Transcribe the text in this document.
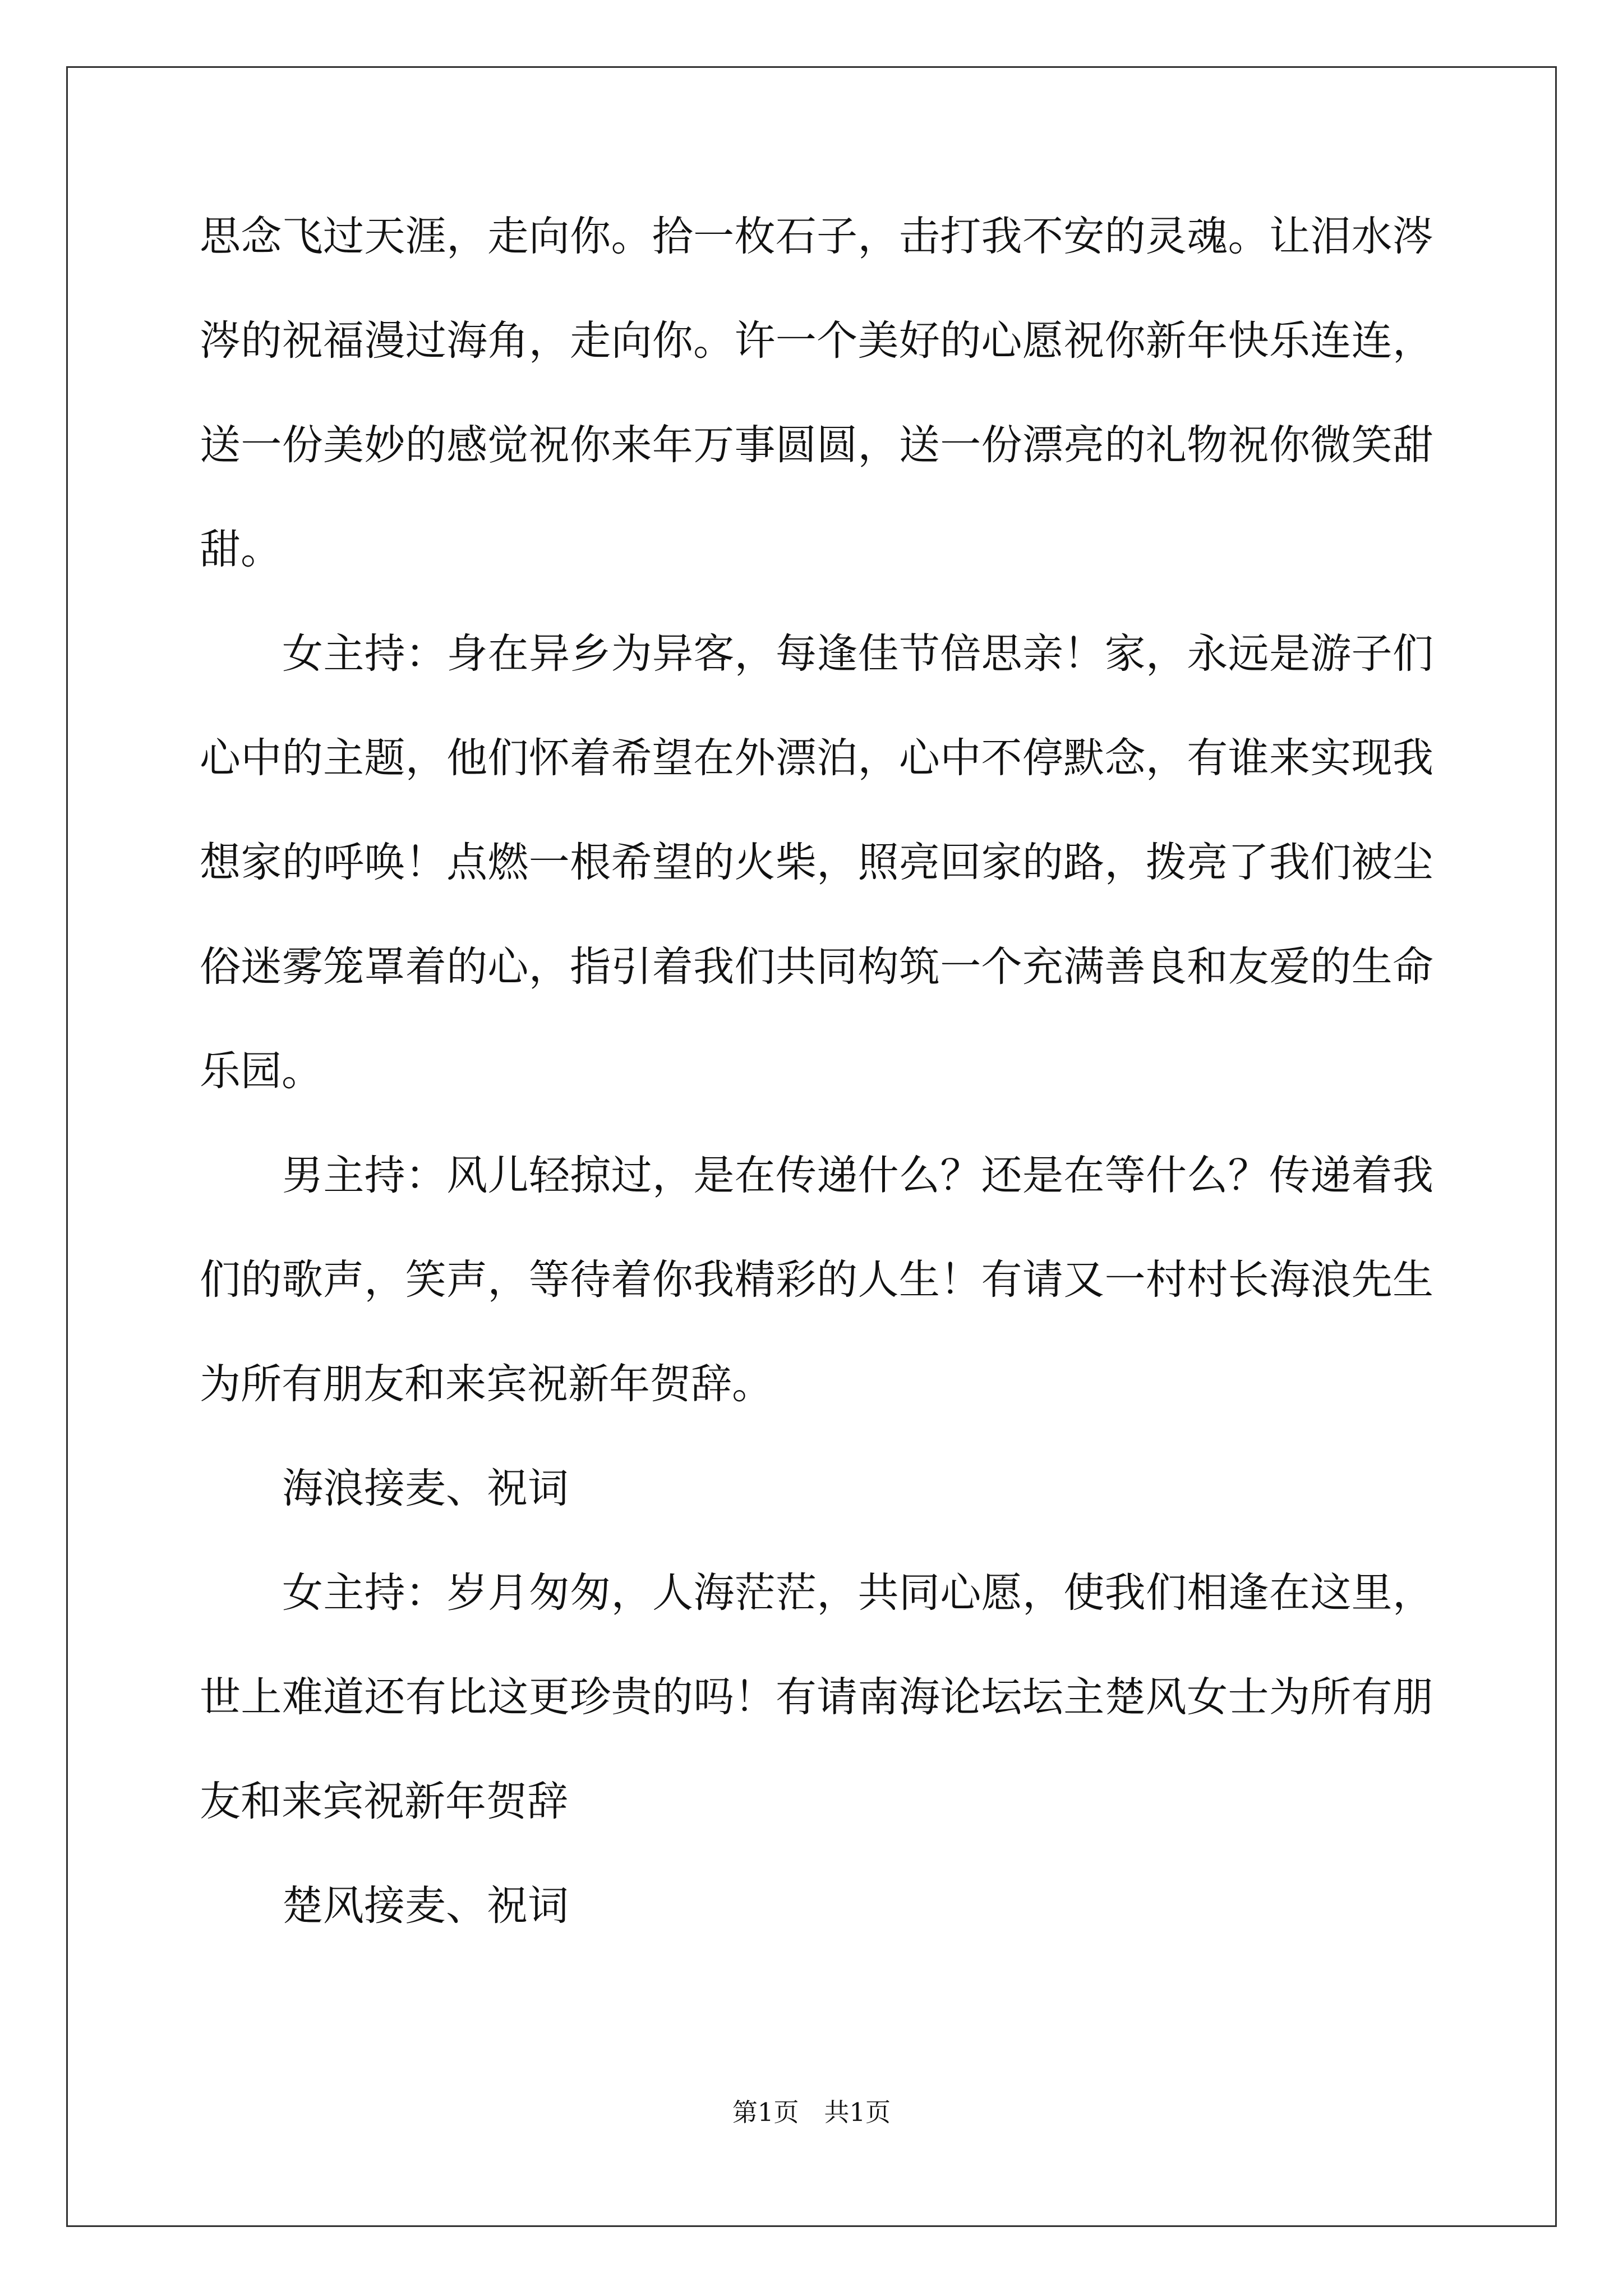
思念飞过天涯，走向你。拾一枚石子，击打我不安的灵魂。让泪水涔
涔的祝福漫过海角，走向你。许一个美好的心愿祝你新年快乐连连，
送一份美妙的感觉祝你来年万事圆圆，送一份漂亮的礼物祝你微笑甜
甜。
女主持：身在异乡为异客，每逢佳节倍思亲！家，永远是游子们
心中的主题，他们怀着希望在外漂泊，心中不停默念，有谁来实现我
想家的呼唤！点燃一根希望的火柴，照亮回家的路，拨亮了我们被尘
俗迷雾笼罩着的心，指引着我们共同构筑一个充满善良和友爱的生命
乐园。
男主持：风儿轻掠过，是在传递什么？还是在等什么？传递着我
们的歌声，笑声，等待着你我精彩的人生！有请又一村村长海浪先生
为所有朋友和来宾祝新年贺辞。
海浪接麦、祝词
女主持：岁月匆匆，人海茫茫，共同心愿，使我们相逢在这里，
世上难道还有比这更珍贵的吗！有请南海论坛坛主楚风女士为所有朋
友和来宾祝新年贺辞
楚风接麦、祝词
第1页　共1页
